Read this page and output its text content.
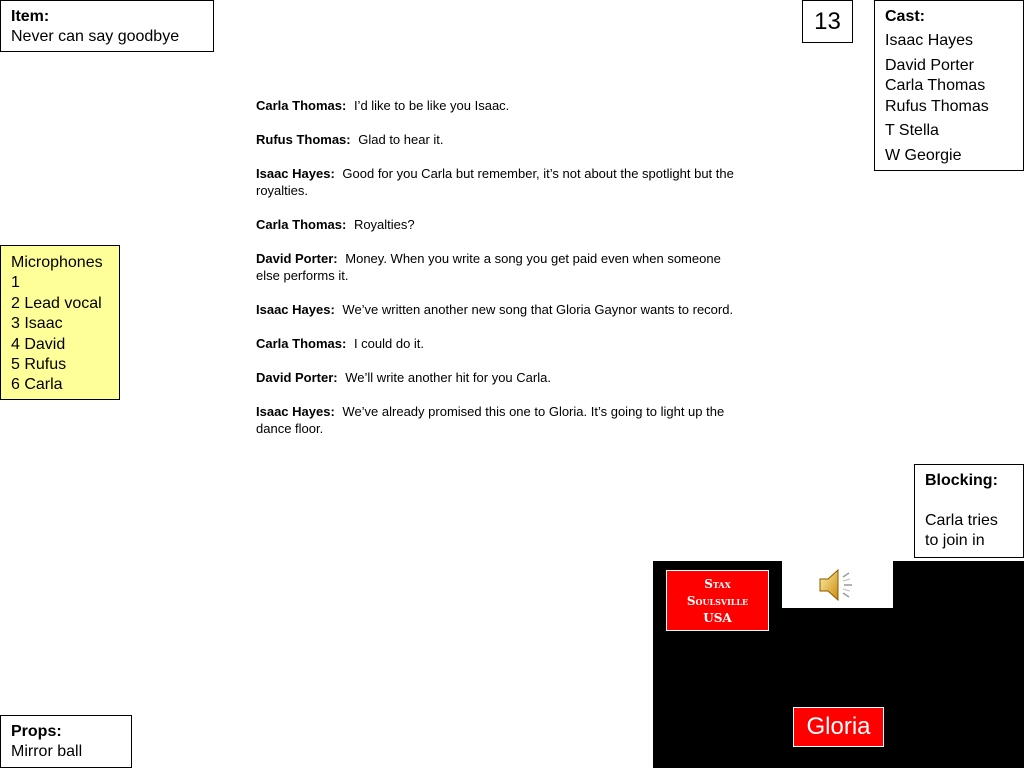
Item:
Never can say goodbye
13	Cast:
Isaac Hayes
David Porter
Carla Thomas
Rufus Thomas
T Stella
W Georgie
Microphones
1
2 Lead vocal
3 Isaac
4 David
5 Rufus
6 Carla

Carla Thomas: I’d like to be like you Isaac.

Rufus Thomas: Glad to hear it.

Isaac Hayes: Good for you Carla but remember, it’s not about the spotlight but the royalties.

Carla Thomas: Royalties?

David Porter: Money. When you write a song you get paid even when someone else performs it.

Isaac Hayes: We’ve written another new song that Gloria Gaynor wants to record.

Carla Thomas: I could do it.

David Porter: We’ll write another hit for you Carla.

Isaac Hayes: We’ve already promised this one to Gloria. It’s going to light up the dance floor.

Blocking:
Carla tries to join in
Props:
Mirror ball
Stax
Soulsville
USA
Gloria
